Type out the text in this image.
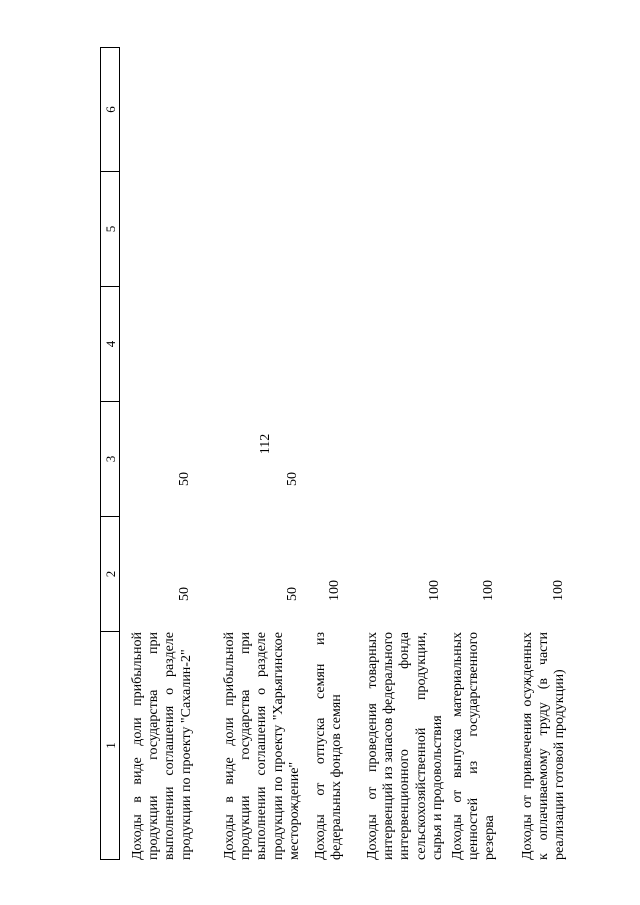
112
1
2
3
4
5
6
Доходы в виде доли прибыльной продукции государства при выполнении соглашения о разделе продукции по проекту "Сахалин-2"
50
50
Доходы в виде доли прибыльной продукции государства при выполнении соглашения о разделе продукции по проекту "Харьягинское месторождение"
50
50
Доходы от отпуска семян из федеральных фондов семян
100
Доходы от проведения товарных интервенций из запасов федерального интервенционного фонда сельскохозяйственной продукции, сырья и продовольствия
100
Доходы от выпуска материальных ценностей из государственного резерва
100
Доходы от привлечения осужденных к оплачиваемому труду (в части реализации готовой продукции)
100
